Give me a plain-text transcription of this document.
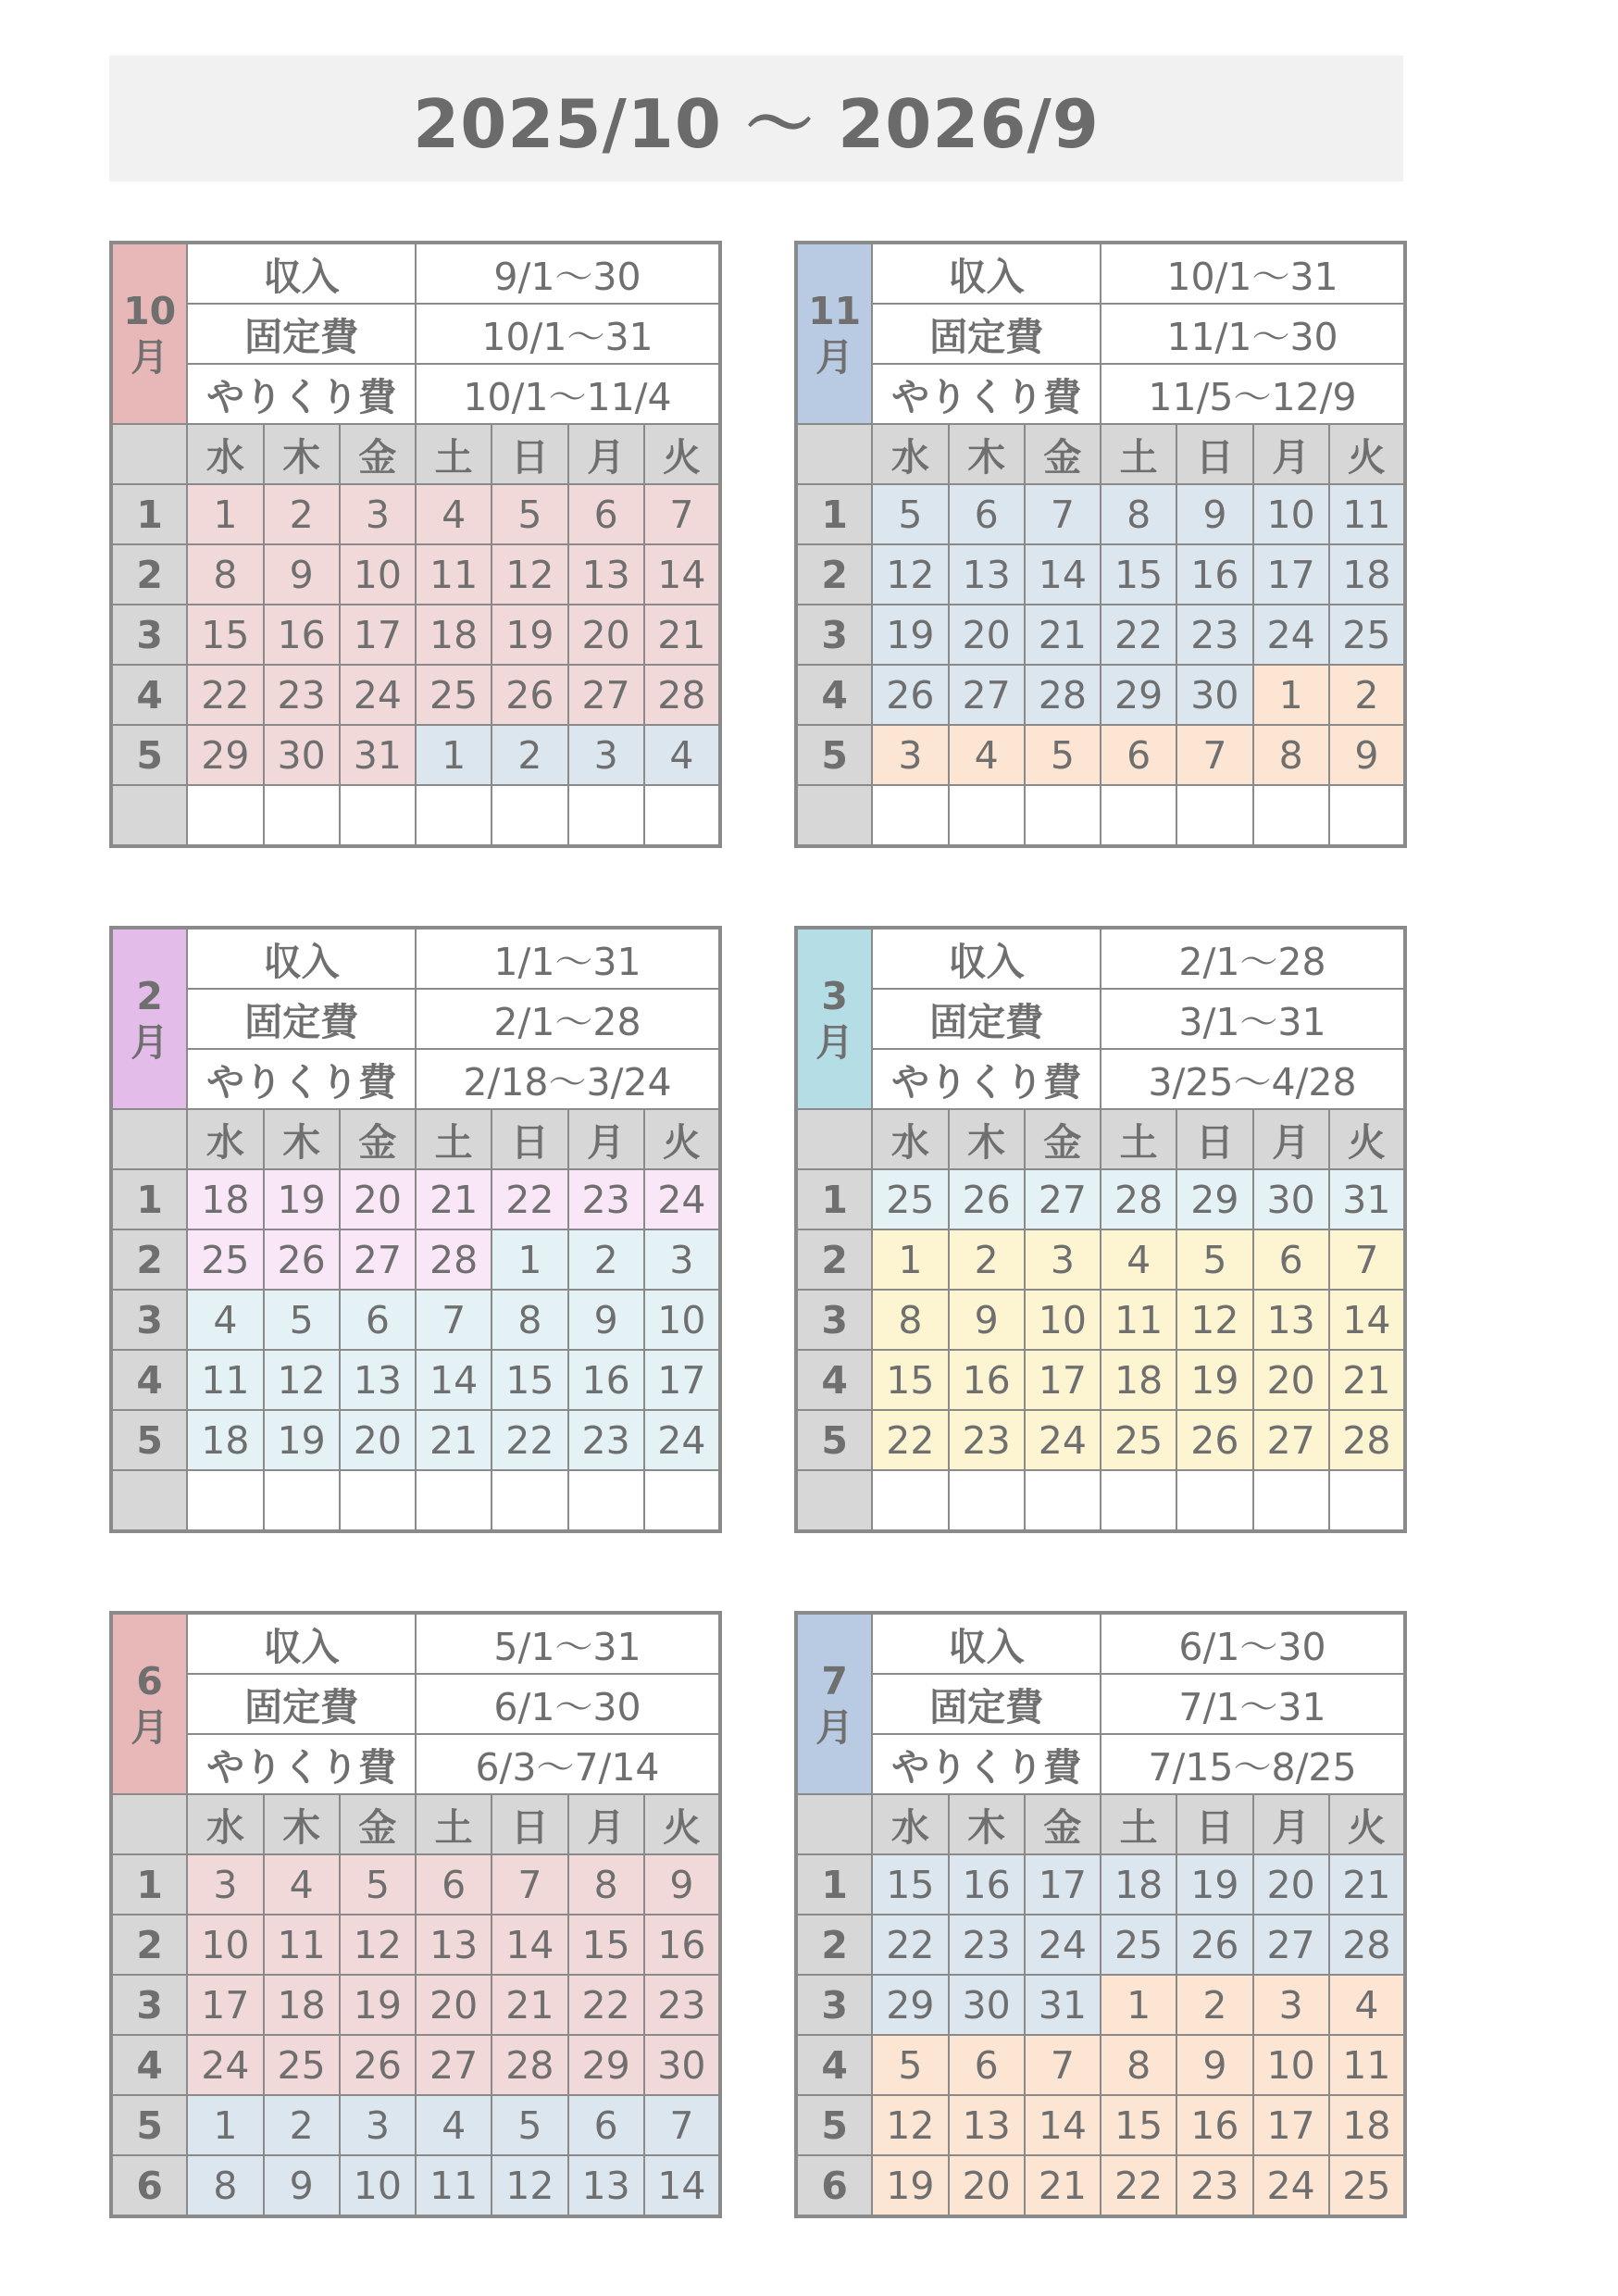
2025/10 〜 2026/9
10
月	収入			9/1〜30			
	固定費			10/1〜31			
	やりくり費			10/1〜11/4			
	水	木	金	土	日	月	火
1	1	2	3	4	5	6	7
2	8	9	10	11	12	13	14
3	15	16	17	18	19	20	21
4	22	23	24	25	26	27	28
5	29	30	31	1	2	3	4

11
月	収入			10/1〜31			
	固定費			11/1〜30			
	やりくり費			11/5〜12/9			
	水	木	金	土	日	月	火
1	5	6	7	8	9	10	11
2	12	13	14	15	16	17	18
3	19	20	21	22	23	24	25
4	26	27	28	29	30	1	2
5	3	4	5	6	7	8	9

2
月	収入			1/1〜31			
	固定費			2/1〜28			
	やりくり費			2/18〜3/24			
	水	木	金	土	日	月	火
1	18	19	20	21	22	23	24
2	25	26	27	28	1	2	3
3	4	5	6	7	8	9	10
4	11	12	13	14	15	16	17
5	18	19	20	21	22	23	24

3
月	収入			2/1〜28			
	固定費			3/1〜31			
	やりくり費			3/25〜4/28			
	水	木	金	土	日	月	火
1	25	26	27	28	29	30	31
2	1	2	3	4	5	6	7
3	8	9	10	11	12	13	14
4	15	16	17	18	19	20	21
5	22	23	24	25	26	27	28

6
月	収入			5/1〜31			
	固定費			6/1〜30			
	やりくり費			6/3〜7/14			
	水	木	金	土	日	月	火
1	3	4	5	6	7	8	9
2	10	11	12	13	14	15	16
3	17	18	19	20	21	22	23
4	24	25	26	27	28	29	30
5	1	2	3	4	5	6	7
6	8	9	10	11	12	13	14
7
月	収入			6/1〜30			
	固定費			7/1〜31			
	やりくり費			7/15〜8/25			
	水	木	金	土	日	月	火
1	15	16	17	18	19	20	21
2	22	23	24	25	26	27	28
3	29	30	31	1	2	3	4
4	5	6	7	8	9	10	11
5	12	13	14	15	16	17	18
6	19	20	21	22	23	24	25
